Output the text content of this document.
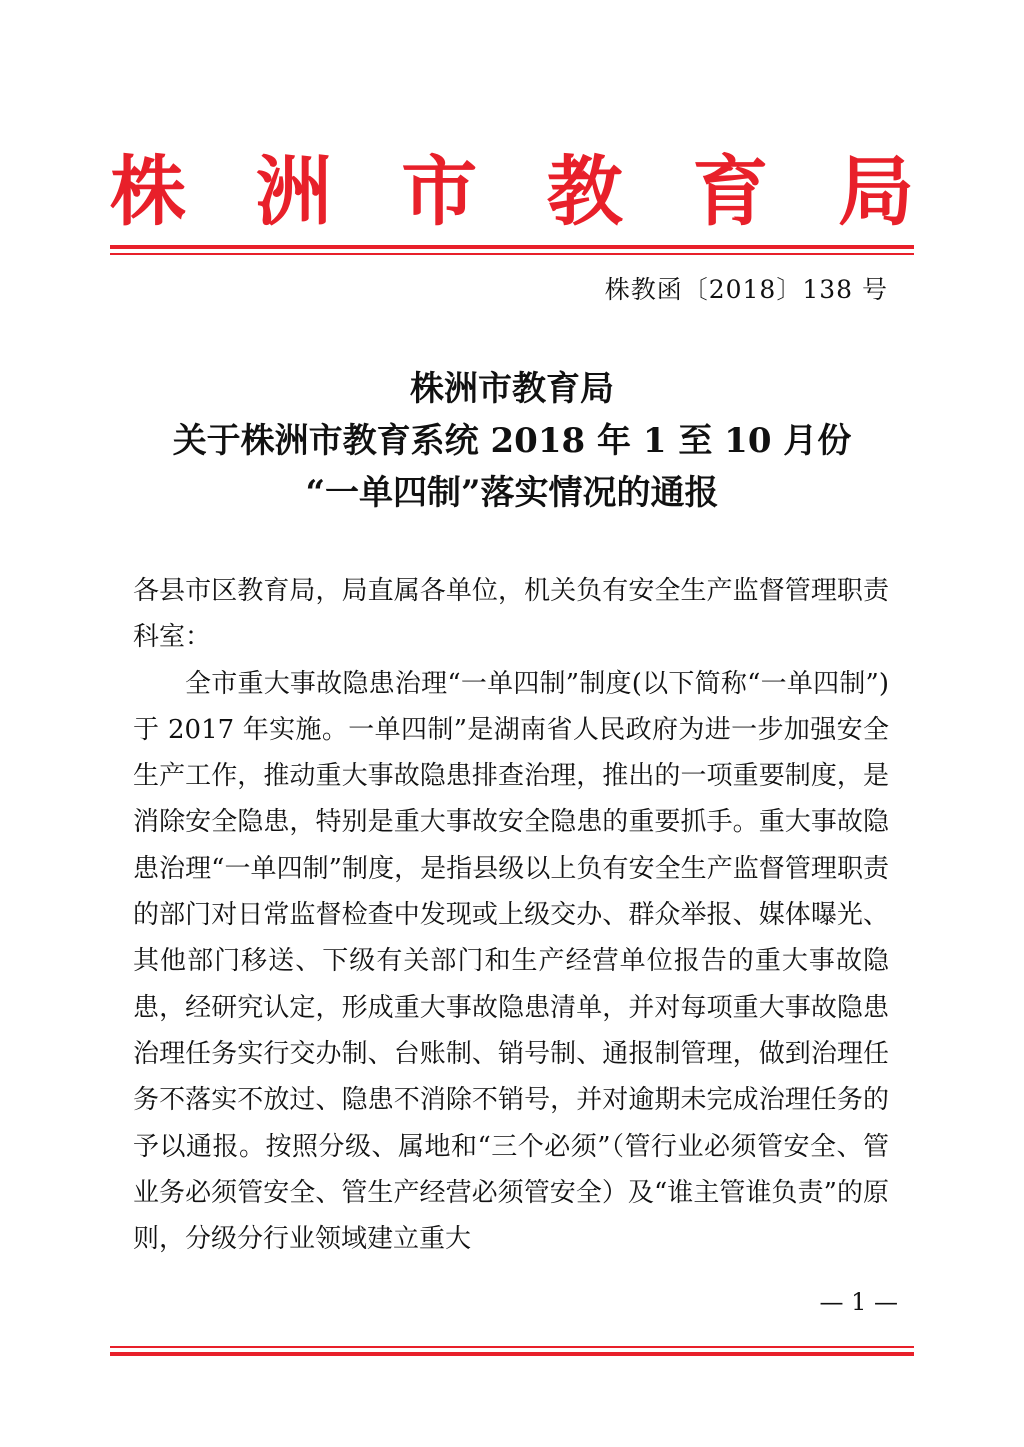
株 洲 市 教 育 局
株教函〔2018〕138 号
株洲市教育局
关于株洲市教育系统 2018 年 1 至 10 月份
“一单四制”落实情况的通报

各县市区教育局，局直属各单位，机关负有安全生产监督管理职责科室：

全市重大事故隐患治理“一单四制”制度(以下简称“一单四制”)于 2017 年实施。一单四制”是湖南省人民政府为进一步加强安全生产工作，推动重大事故隐患排查治理，推出的一项重要制度，是消除安全隐患，特别是重大事故安全隐患的重要抓手。重大事故隐患治理“一单四制”制度，是指县级以上负有安全生产监督管理职责的部门对日常监督检查中发现或上级交办、群众举报、媒体曝光、其他部门移送、下级有关部门和生产经营单位报告的重大事故隐患，经研究认定，形成重大事故隐患清单，并对每项重大事故隐患治理任务实行交办制、台账制、销号制、通报制管理，做到治理任务不落实不放过、隐患不消除不销号，并对逾期未完成治理任务的予以通报。按照分级、属地和“三个必须”（管行业必须管安全、管业务必须管安全、管生产经营必须管安全）及“谁主管谁负责”的原则，分级分行业领域建立重大

— 1 —
